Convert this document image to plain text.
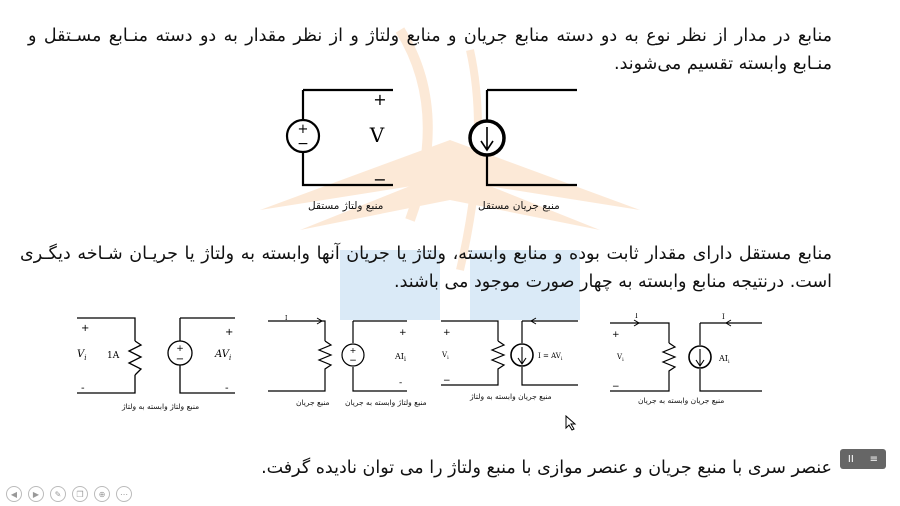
منابع در مدار از نظر نوع به دو دسته منابع جریان و منابع ولتاژ و از نظر مقدار به دو دسته منـابع مسـتقل و منـابع وابسته تقسیم می‌شوند.
+
−
+
V
−
منبع ولتاژ مستقل	منبع جریان مستقل
منابع مستقل دارای مقدار ثابت بوده و منابع وابسته، ولتاژ یا جریان آنها وابسته به ولتاژ یا جریـان شـاخه دیگـری است. درنتیجه منابع وابسته به چهار صورت موجود می باشند.
+
−
+
-
+
-
$V_i$ 1A	$AV_i$
منبع ولتاژ وابسته به ولتاژ
I
+
−
+
-
$AI_i$
منبع ولتاژ وابسته به جریان
منبع جریان
+
−
$V_i$	$I = AV_i$
منبع جریان وابسته به ولتاژ
I	I
+
−
$V_i$	$AI_i$
منبع جریان وابسته به جریان
عنصر سری با منبع جریان و عنصر موازی با منبع ولتاژ را می توان نادیده گرفت.
◀	▶	✎	❐	⊕	⋯
II ≡
